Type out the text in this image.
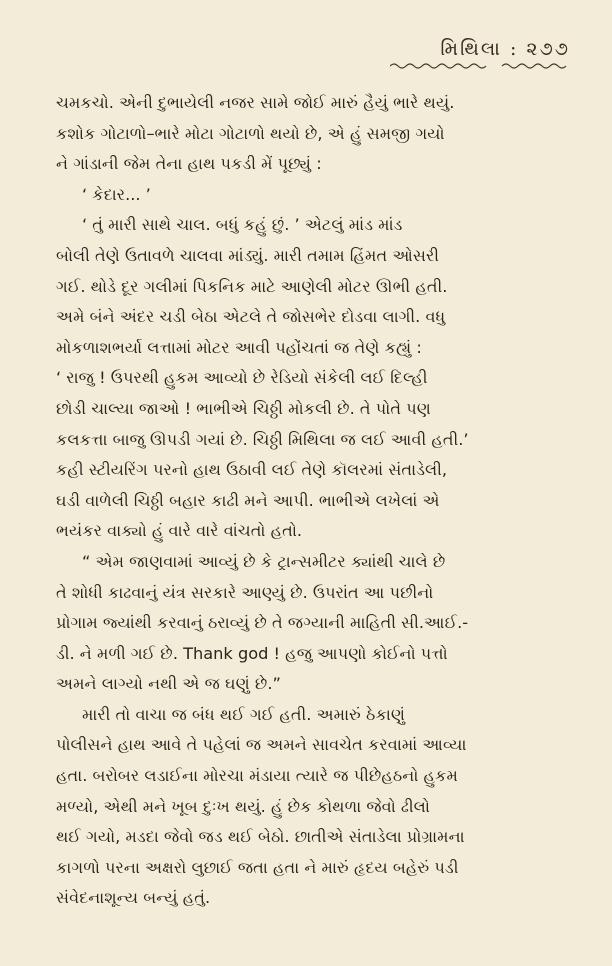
મિથિલા : ૨૭૭

ચમકચો. એની દુભાયેલી નજર સામે જોઈ મારું હૈયું ભારે થયું.
કશોક ગોટાળો–ભારે મોટા ગોટાળો થયો છે, એ હું સમજી ગયો
ને ગાંડાની જેમ તેના હાથ પકડી મેં પૂછ્યું :

‘ કેદાર... ’

‘ તું મારી સાથે ચાલ. બધું કહું છું. ’ એટલું માંડ માંડ
બોલી તેણે ઉતાવળે ચાલવા માંડ્યું. મારી તમામ હિંમત ઓસરી
ગઈ. થોડે દૂર ગલીમાં પિકનિક માટે આણેલી મોટર ઊભી હતી.
અમે બંને અંદર ચડી બેઠા એટલે તે જોસભેર દોડવા લાગી. વધુ
મોકળાશભર્યા લત્તામાં મોટર આવી પહોંચતાં જ તેણે કહ્યું :
‘ રાજુ ! ઉપરથી હુકમ આવ્યો છે રેડિયો સંકેલી લઈ દિલ્હી
છોડી ચાલ્યા જાઓ ! ભાભીએ ચિઠ્ઠી મોકલી છે. તે પોતે પણ
કલકત્તા બાજુ ઊપડી ગયાં છે. ચિઠ્ઠી મિથિલા જ લઈ આવી હતી.’
કહી સ્ટીયરિંગ પરનો હાથ ઉઠાવી લઈ તેણે કૉલરમાં સંતાડેલી,
ઘડી વાળેલી ચિઠ્ઠી બહાર કાઢી મને આપી. ભાભીએ લખેલાં એ
ભયંકર વાક્યો હું વારે વારે વાંચતો હતો.

“ એમ જાણવામાં આવ્યું છે કે ટ્રાન્સમીટર ક્યાંથી ચાલે છે
તે શોધી કાઢવાનું યંત્ર સરકારે આણ્યું છે. ઉપરાંત આ પછીનો
પ્રોગામ જ્યાંથી કરવાનું ઠરાવ્યું છે તે જગ્યાની માહિતી સી.આઈ.-
ડી. ને મળી ગઈ છે. Thank god ! હજુ આપણો કોઈનો પત્તો
અમને લાગ્યો નથી એ જ ઘણું છે.”

મારી તો વાચા જ બંધ થઈ ગઈ હતી. અમારું ઠેકાણું
પોલીસને હાથ આવે તે પહેલાં જ અમને સાવચેત કરવામાં આવ્યા
હતા. બરોબર લડાઈના મોરચા મંડાયા ત્યારે જ પીછેહઠનો હુકમ
મળ્યો, એથી મને ખૂબ દુઃખ થયું. હું છેક કોથળા જેવો ઢીલો
થઈ ગયો, મડદા જેવો જડ થઈ બેઠો. છાતીએ સંતાડેલા પ્રોગ્રામના
કાગળો પરના અક્ષરો લુછાઈ જતા હતા ને મારું હૃદય બહેરું પડી
સંવેદનાશૂન્ય બન્યું હતું.
